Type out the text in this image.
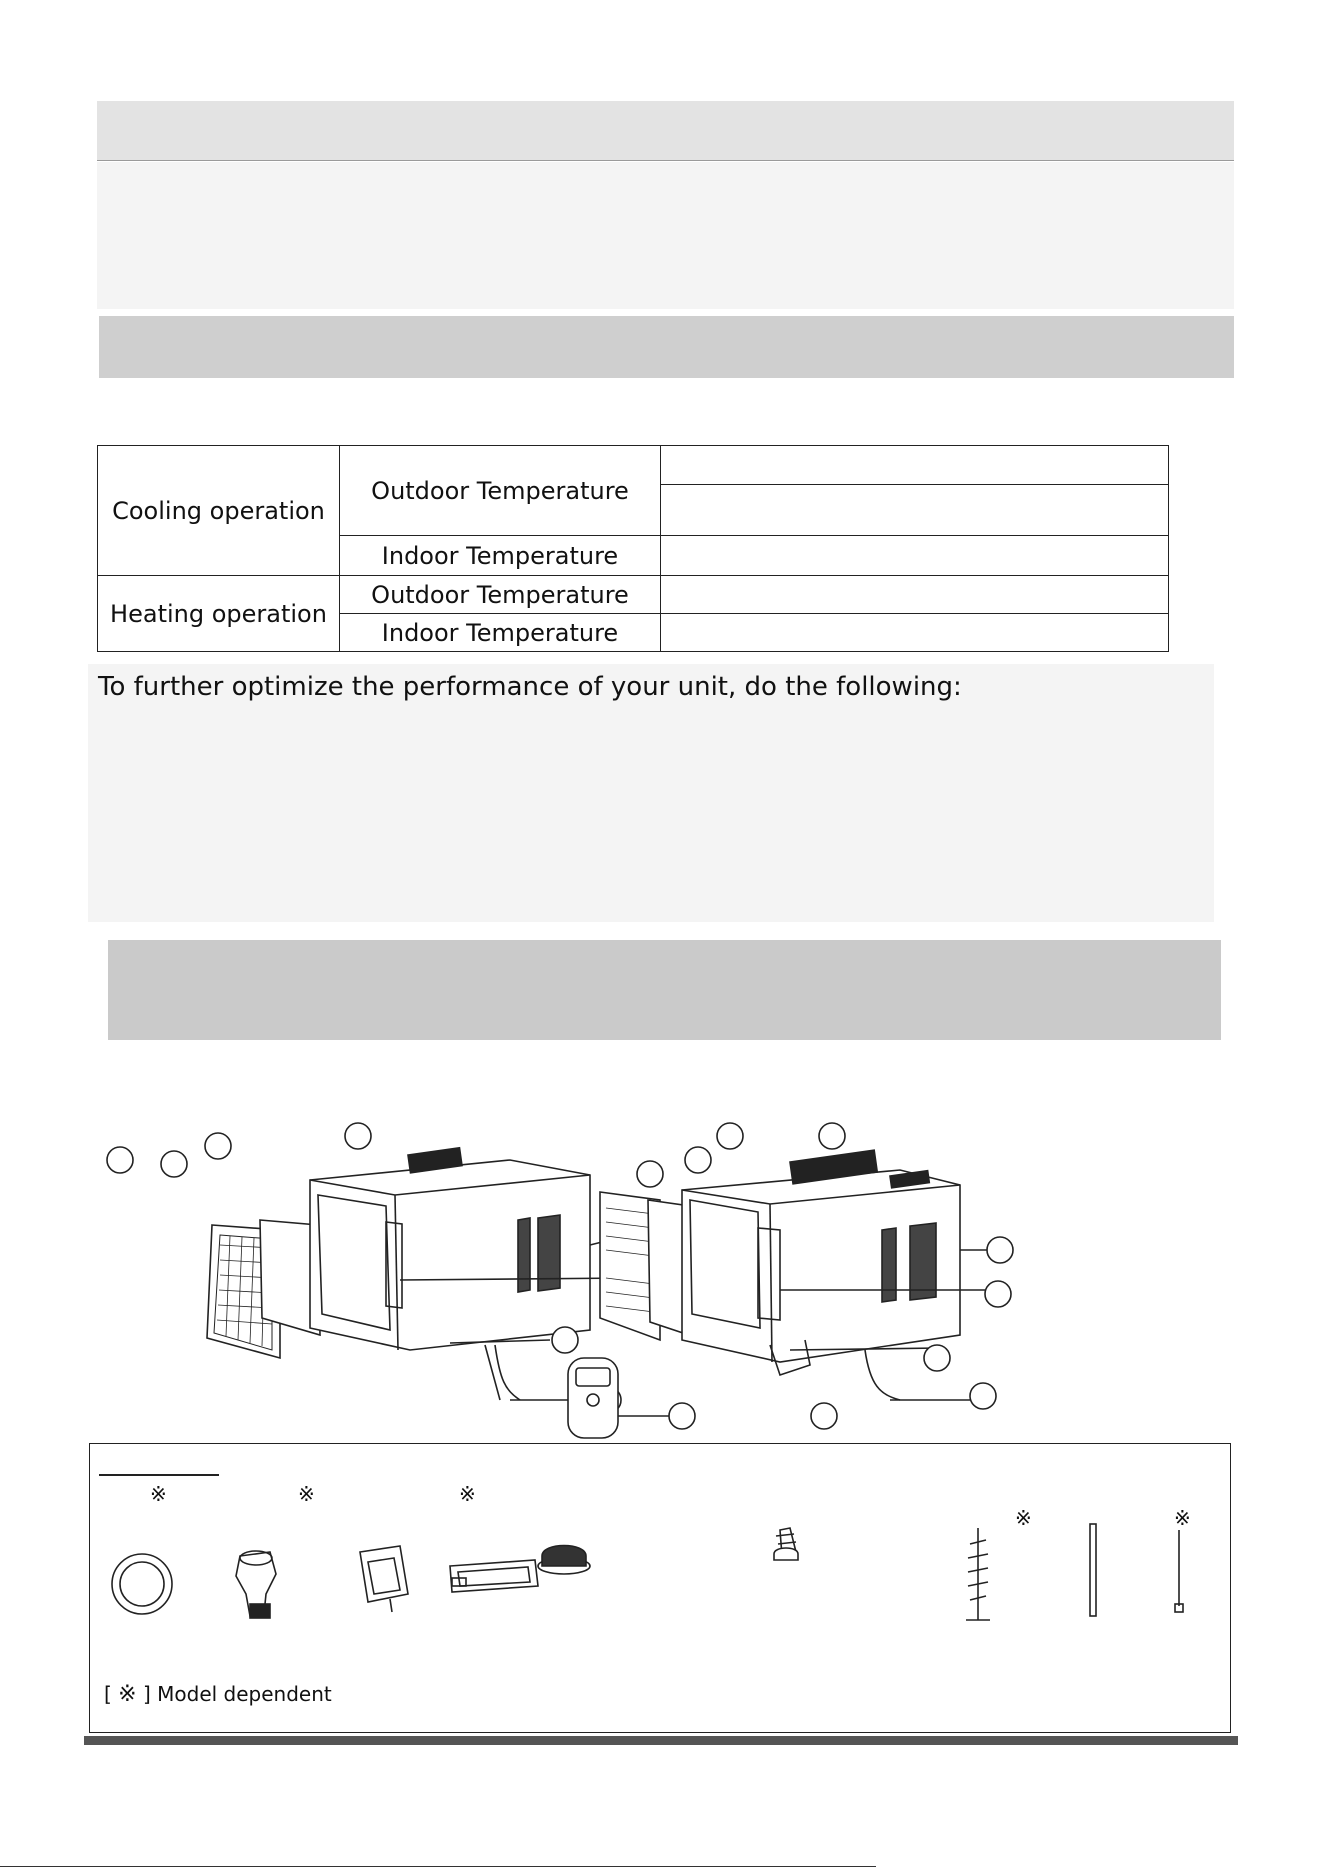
Cooling operation	Outdoor Temperature	

	Indoor Temperature	
Heating operation	Outdoor Temperature	
	Indoor Temperature	
To further optimize the performance of your unit, do the following:
※	※	※
※	※
[ ※ ] Model dependent
